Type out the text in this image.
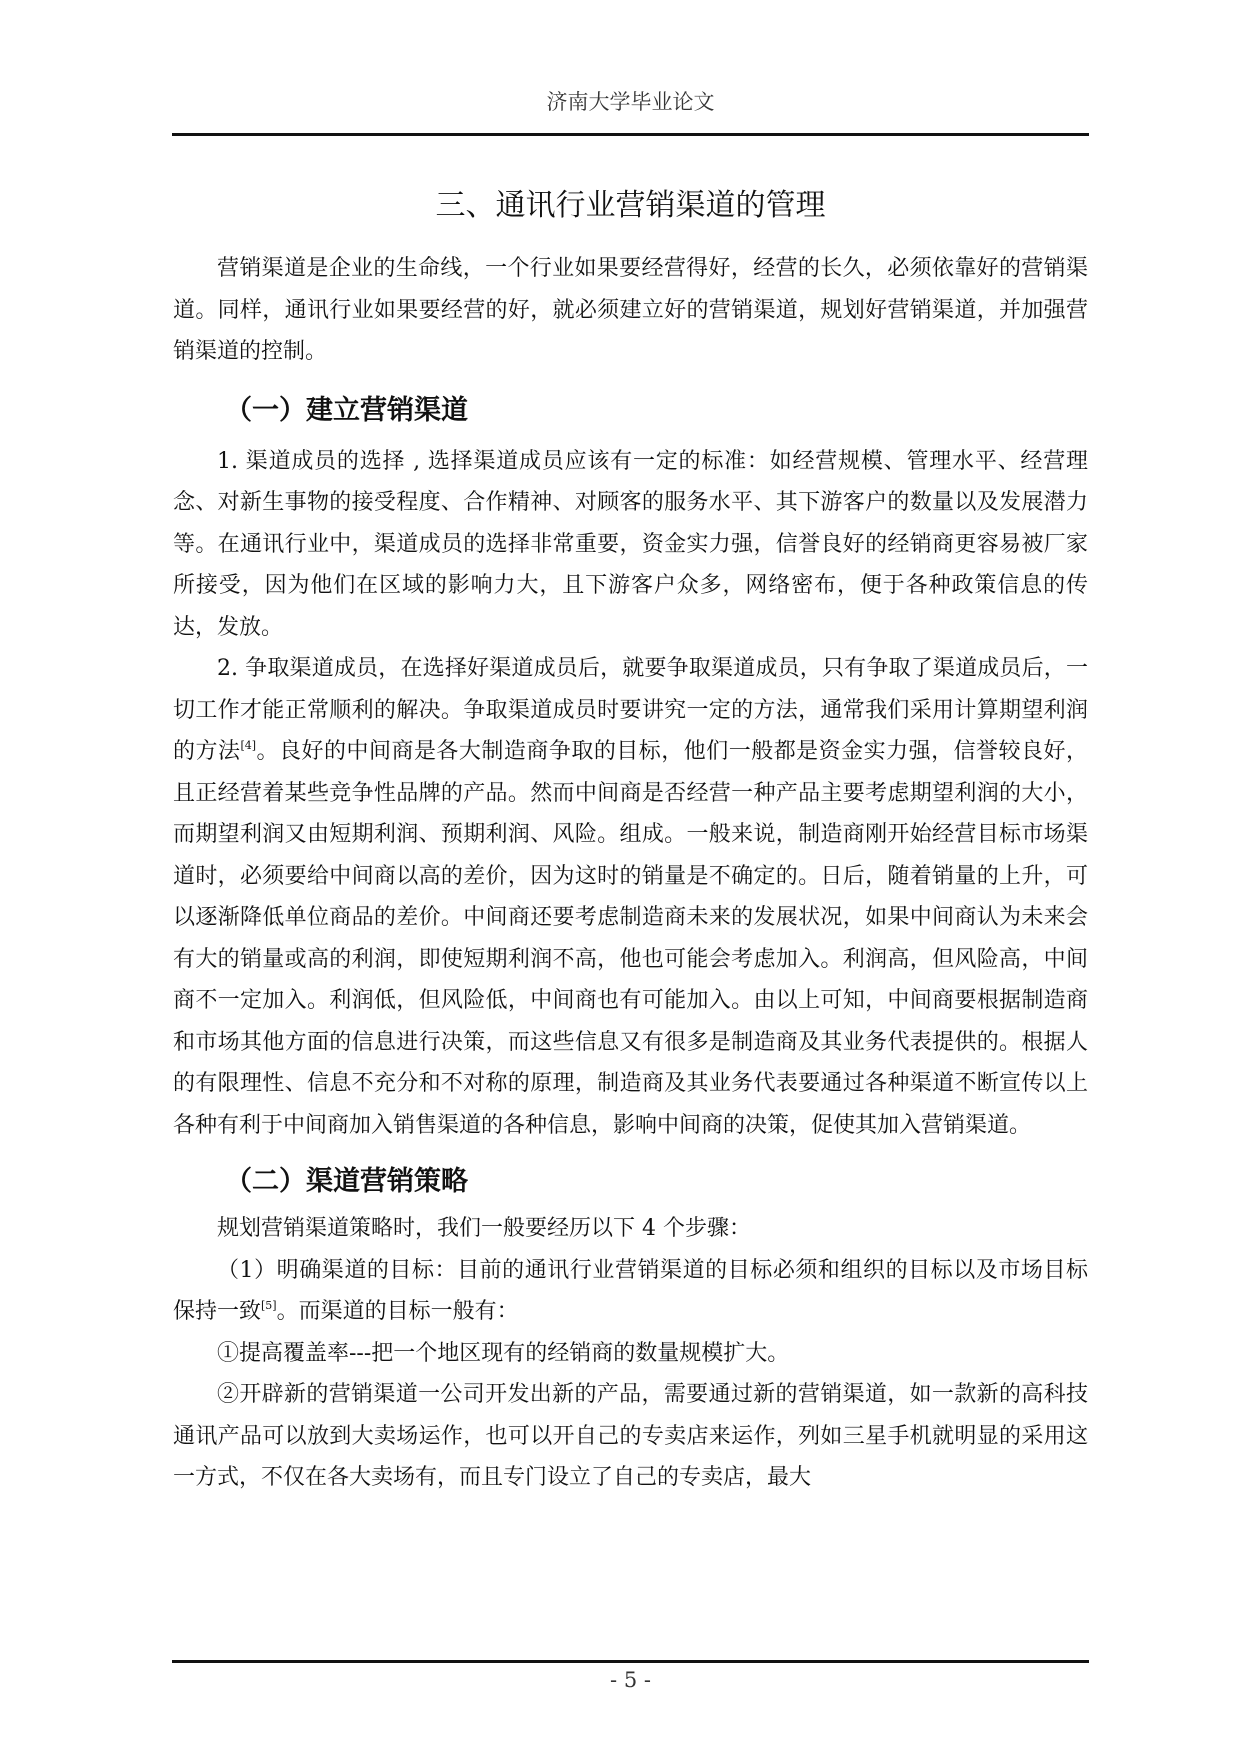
济南大学毕业论文
三、通讯行业营销渠道的管理

营销渠道是企业的生命线，一个行业如果要经营得好，经营的长久，必须依靠好的营销渠道。同样，通讯行业如果要经营的好，就必须建立好的营销渠道，规划好营销渠道，并加强营销渠道的控制。

（一）建立营销渠道

1. 渠道成员的选择 , 选择渠道成员应该有一定的标准：如经营规模、管理水平、经营理念、对新生事物的接受程度、合作精神、对顾客的服务水平、其下游客户的数量以及发展潜力等。在通讯行业中，渠道成员的选择非常重要，资金实力强，信誉良好的经销商更容易被厂家所接受，因为他们在区域的影响力大，且下游客户众多，网络密布，便于各种政策信息的传达，发放。

2. 争取渠道成员，在选择好渠道成员后，就要争取渠道成员，只有争取了渠道成员后，一切工作才能正常顺利的解决。争取渠道成员时要讲究一定的方法，通常我们采用计算期望利润的方法[4]。良好的中间商是各大制造商争取的目标，他们一般都是资金实力强，信誉较良好，且正经营着某些竞争性品牌的产品。然而中间商是否经营一种产品主要考虑期望利润的大小，而期望利润又由短期利润、预期利润、风险。组成。一般来说，制造商刚开始经营目标市场渠道时，必须要给中间商以高的差价，因为这时的销量是不确定的。日后，随着销量的上升，可以逐渐降低单位商品的差价。中间商还要考虑制造商未来的发展状况，如果中间商认为未来会有大的销量或高的利润，即使短期利润不高，他也可能会考虑加入。利润高，但风险高，中间商不一定加入。利润低，但风险低，中间商也有可能加入。由以上可知，中间商要根据制造商和市场其他方面的信息进行决策，而这些信息又有很多是制造商及其业务代表提供的。根据人的有限理性、信息不充分和不对称的原理，制造商及其业务代表要通过各种渠道不断宣传以上各种有利于中间商加入销售渠道的各种信息，影响中间商的决策，促使其加入营销渠道。

（二）渠道营销策略

规划营销渠道策略时，我们一般要经历以下 4 个步骤：

（1）明确渠道的目标：目前的通讯行业营销渠道的目标必须和组织的目标以及市场目标保持一致[5]。而渠道的目标一般有：

①提高覆盖率---把一个地区现有的经销商的数量规模扩大。

②开辟新的营销渠道一公司开发出新的产品，需要通过新的营销渠道，如一款新的高科技通讯产品可以放到大卖场运作，也可以开自己的专卖店来运作，列如三星手机就明显的采用这一方式，不仅在各大卖场有，而且专门设立了自己的专卖店，最大

- 5 -
